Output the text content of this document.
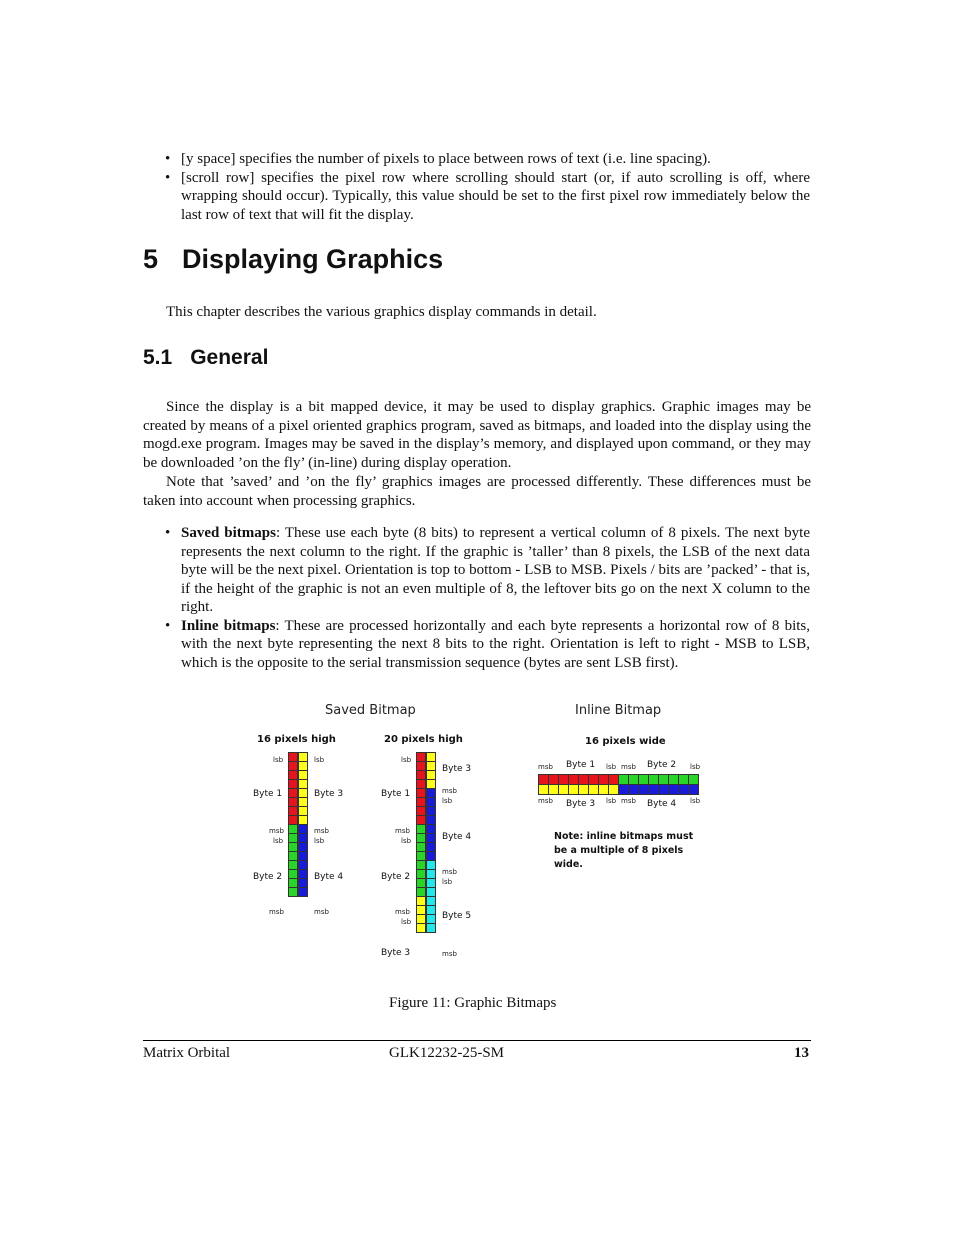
• [y space] specifies the number of pixels to place between rows of text (i.e. line spacing).
• [scroll row] specifies the pixel row where scrolling should start (or, if auto scrolling is off, where wrapping should occur). Typically, this value should be set to the first pixel row immediately below the last row of text that will fit the display.
5 Displaying Graphics
This chapter describes the various graphics display commands in detail.
5.1 General
Since the display is a bit mapped device, it may be used to display graphics. Graphic images may be created by means of a pixel oriented graphics program, saved as bitmaps, and loaded into the display using the mogd.exe program. Images may be saved in the display’s memory, and displayed upon command, or they may be downloaded ’on the fly’ (in-line) during display operation.
Note that ’saved’ and ’on the fly’ graphics images are processed differently. These differences must be taken into account when processing graphics.
• Saved bitmaps: These use each byte (8 bits) to represent a vertical column of 8 pixels. The next byte represents the next column to the right. If the graphic is ’taller’ than 8 pixels, the LSB of the next data byte will be the next pixel. Orientation is top to bottom - LSB to MSB. Pixels / bits are ’packed’ - that is, if the height of the graphic is not an even multiple of 8, the leftover bits go on the next X column to the right.
• Inline bitmaps: These are processed horizontally and each byte represents a horizontal row of 8 bits, with the next byte representing the next 8 bits to the right. Orientation is left to right - MSB to LSB, which is the opposite to the serial transmission sequence (bytes are sent LSB first).
Saved Bitmap	Inline Bitmap
16 pixels high
lsb	lsb
Byte 1	Byte 3
msb
lsb
msb
lsb
Byte 2	Byte 4
msb	msb
20 pixels high
lsb
Byte 3
msb
lsb
Byte 1
Byte 4
msb
lsb
msb
lsb
Byte 2
msb
lsb
Byte 5
Byte 3	msb
16 pixels wide
msb Byte 1 lsb msb Byte 2 lsb
msb Byte 3 lsb msb Byte 4 lsb
Note: inline bitmaps must
be a multiple of 8 pixels
wide.
Figure 11: Graphic Bitmaps
Matrix Orbital	GLK12232-25-SM	13
